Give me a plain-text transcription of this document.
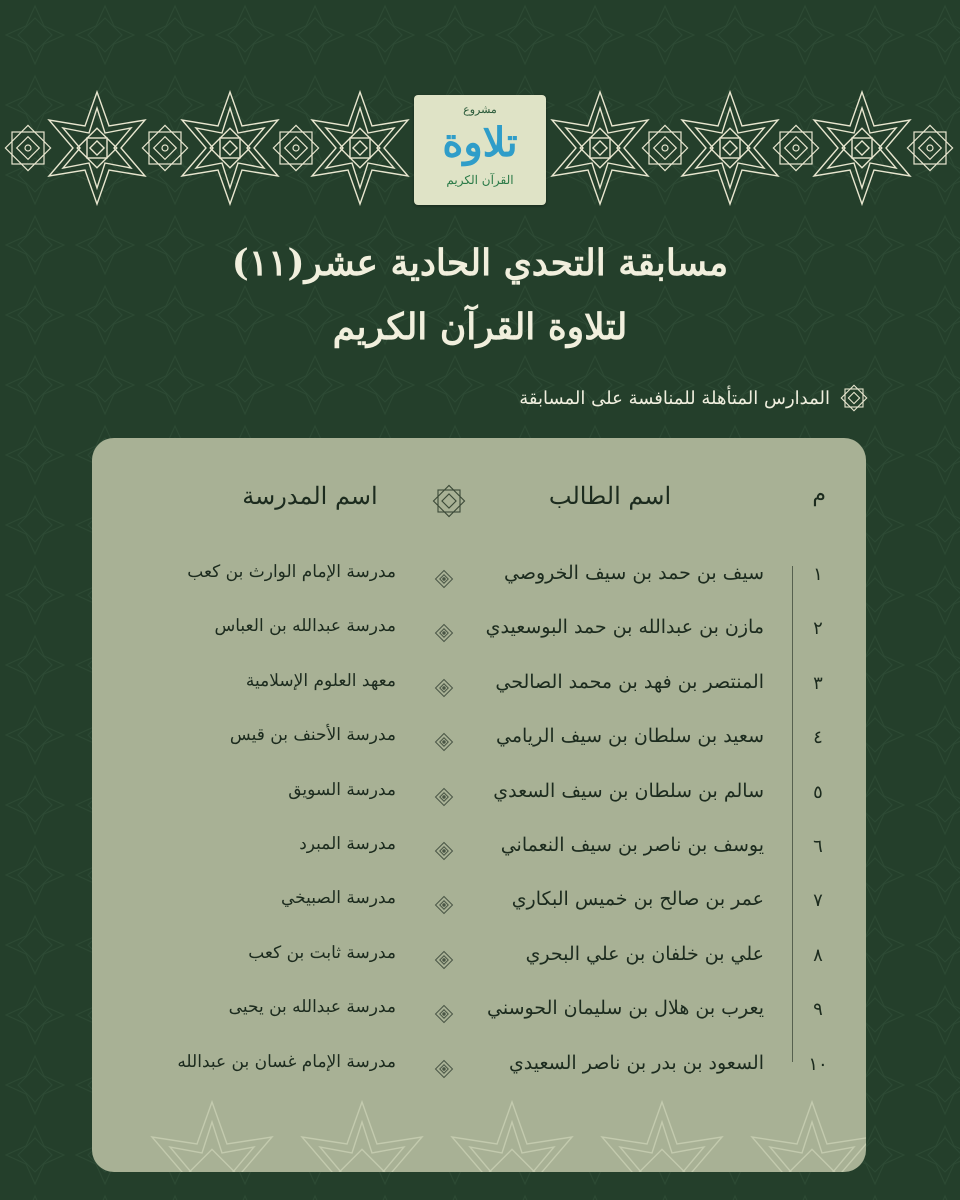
مشروع
تلاوة
القرآن الكريم
مسابقة التحدي الحادية عشر(١١)
لتلاوة القرآن الكريم
المدارس المتأهلة للمنافسة على المسابقة
م
اسم الطالب
اسم المدرسة
١
سيف بن حمد بن سيف الخروصي
مدرسة الإمام الوارث بن كعب
٢
مازن بن عبدالله بن حمد البوسعيدي
مدرسة عبدالله بن العباس
٣
المنتصر بن فهد بن محمد الصالحي
معهد العلوم الإسلامية
٤
سعيد بن سلطان بن سيف الريامي
مدرسة الأحنف بن قيس
٥
سالم بن سلطان بن سيف السعدي
مدرسة السويق
٦
يوسف بن ناصر بن سيف النعماني
مدرسة المبرد
٧
عمر بن صالح بن خميس البكاري
مدرسة الصبيخي
٨
علي بن خلفان بن علي البحري
مدرسة ثابت بن كعب
٩
يعرب بن هلال بن سليمان الحوسني
مدرسة عبدالله بن يحيى
١٠
السعود بن بدر بن ناصر السعيدي
مدرسة الإمام غسان بن عبدالله
